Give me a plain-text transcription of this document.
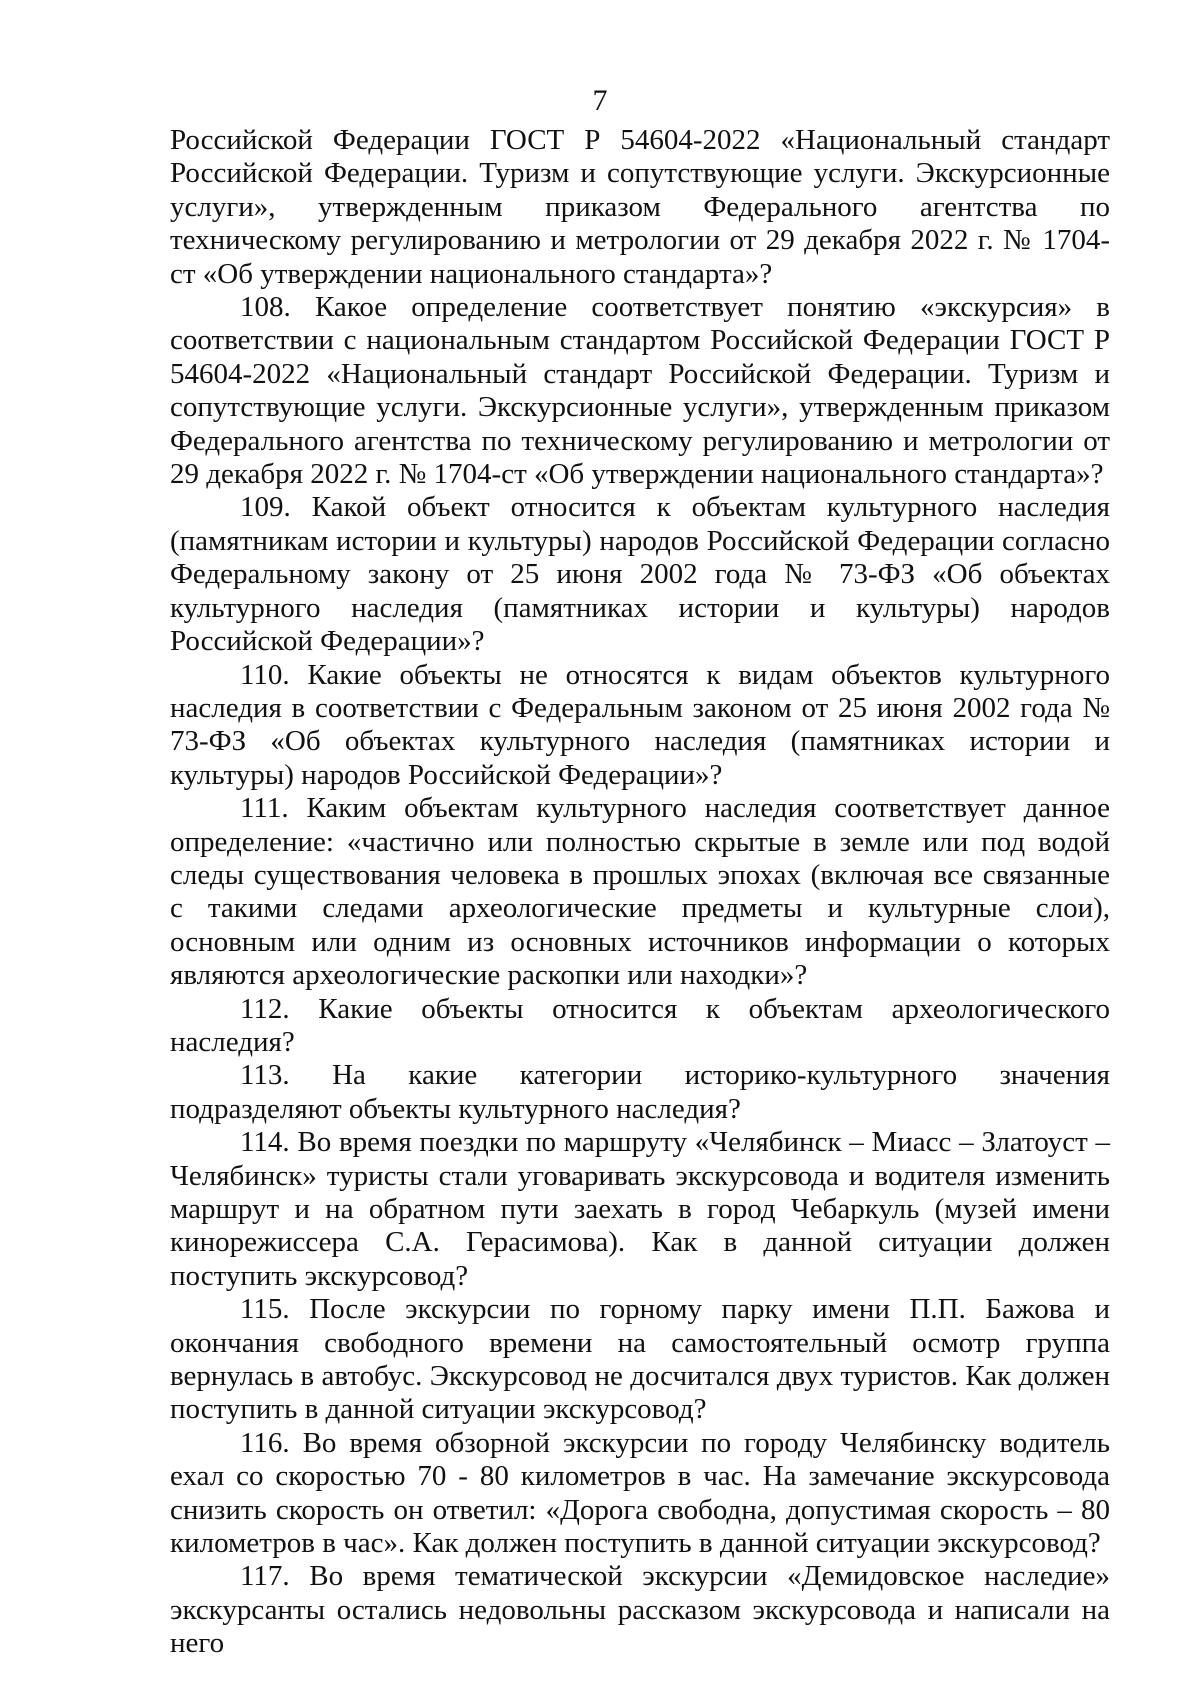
7

Российской Федерации ГОСТ Р 54604-2022 «Национальный стандарт Российской Федерации. Туризм и сопутствующие услуги. Экскурсионные услуги», утвержденным приказом Федерального агентства по техническому регулированию и метрологии от 29 декабря 2022 г. № 1704-ст «Об утверждении национального стандарта»?

108. Какое определение соответствует понятию «экскурсия» в соответствии с национальным стандартом Российской Федерации ГОСТ Р 54604-2022 «Национальный стандарт Российской Федерации. Туризм и сопутствующие услуги. Экскурсионные услуги», утвержденным приказом Федерального агентства по техническому регулированию и метрологии от 29 декабря 2022 г. № 1704-ст «Об утверждении национального стандарта»?

109. Какой объект относится к объектам культурного наследия (памятникам истории и культуры) народов Российской Федерации согласно Федеральному закону от 25 июня 2002 года № 73-ФЗ «Об объектах культурного наследия (памятниках истории и культуры) народов Российской Федерации»?

110. Какие объекты не относятся к видам объектов культурного наследия в соответствии с Федеральным законом от 25 июня 2002 года № 73-ФЗ «Об объектах культурного наследия (памятниках истории и культуры) народов Российской Федерации»?

111. Каким объектам культурного наследия соответствует данное определение: «частично или полностью скрытые в земле или под водой следы существования человека в прошлых эпохах (включая все связанные с такими следами археологические предметы и культурные слои), основным или одним из основных источников информации о которых являются археологические раскопки или находки»?

112. Какие объекты относится к объектам археологического наследия?

113. На какие категории историко-культурного значения подразделяют объекты культурного наследия?

114. Во время поездки по маршруту «Челябинск – Миасс – Златоуст – Челябинск» туристы стали уговаривать экскурсовода и водителя изменить маршрут и на обратном пути заехать в город Чебаркуль (музей имени кинорежиссера С.А. Герасимова). Как в данной ситуации должен поступить экскурсовод?

115. После экскурсии по горному парку имени П.П. Бажова и окончания свободного времени на самостоятельный осмотр группа вернулась в автобус. Экскурсовод не досчитался двух туристов. Как должен поступить в данной ситуации экскурсовод?

116. Во время обзорной экскурсии по городу Челябинску водитель ехал со скоростью 70 - 80 километров в час. На замечание экскурсовода снизить скорость он ответил: «Дорога свободна, допустимая скорость – 80 километров в час». Как должен поступить в данной ситуации экскурсовод?

117. Во время тематической экскурсии «Демидовское наследие» экскурсанты остались недовольны рассказом экскурсовода и написали на него
